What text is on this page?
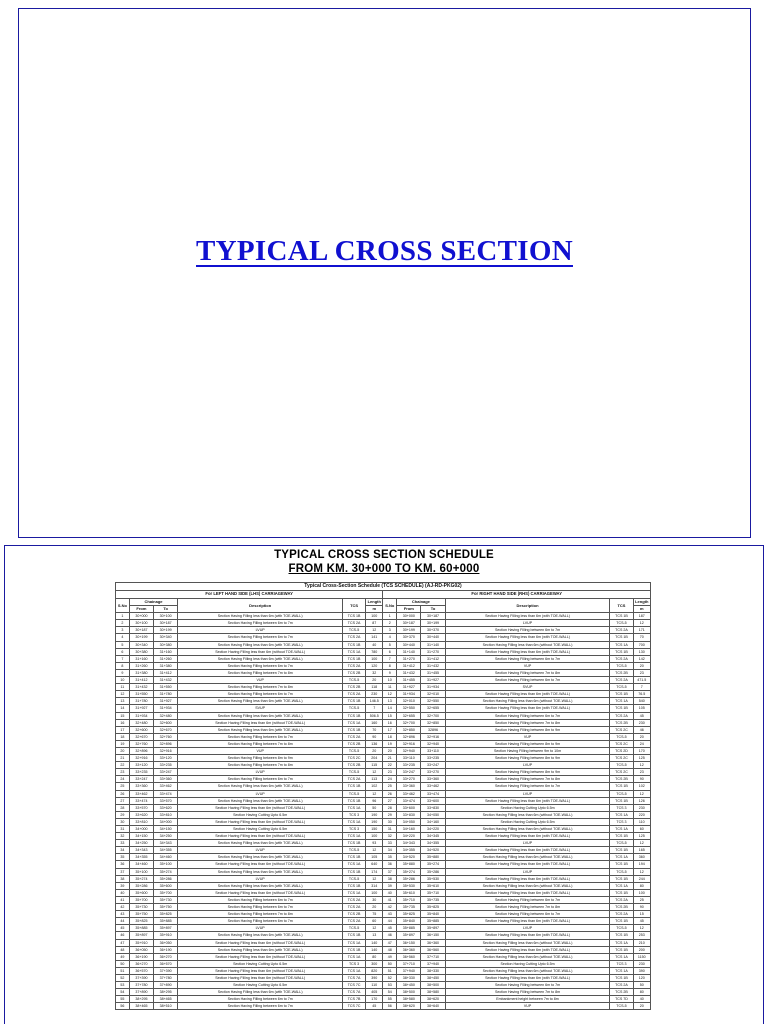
TYPICAL CROSS SECTION
TYPICAL CROSS SECTION SCHEDULE
FROM KM. 30+000 TO KM. 60+000
Typical Cross-Section Schedule (TCS SCHEDULE) (AJ-RD-PKG02)											
For LEFT HAND SIDE (LHS) CARRIAGEWAY						For RIGHT HAND SIDE (RHS) CARRIAGEWAY					
S.No	Chainage		Description	TCS	Length	S.No	Chainage		Description	TCS	Length
	From	To			m		From	To			m
1	30+000	30+100	Section Having Filling less than 6m (with TOE-WALL)	TCS 1B	100	1	30+000	30+187	Section Having Filling less than 6m (with TOE-WALL)	TCS 1B	187
2	30+100	30+187	Section Having Filling between 6m to 7m	TCS 2A	87	2	30+187	30+199	LVUP	TCS-5	12
3	30+187	30+199	LVUP	TCS-5	12	3	30+199	30+370	Section Having Filling between 6m to 7m	TCS 2A	171
4	30+199	30+340	Section Having Filling between 6m to 7m	TCS 2A	141	4	30+370	30+440	Section Having Filling less than 6m (with TOE-WALL)	TCS 1B	70
5	30+340	30+380	Section Having Filling less than 6m (with TOE-WALL)	TCS 1B	40	5	30+440	31+140	Section Having Filling less than 6m (without TOE-WALL)	TCS 1A	700
6	30+380	31+160	Section Having Filling less than 6m (without TOE-WALL)	TCS 1A	780	6	31+140	31+270	Section Having Filling less than 6m (with TOE-WALL)	TCS 1B	130
7	31+160	31+260	Section Having Filling less than 6m (with TOE-WALL)	TCS 1B	100	7	31+270	31+412	Section Having Filling between 6m to 7m	TCS 2A	142
8	31+260	31+380	Section Having Filling between 6m to 7m	TCS 2A	120	8	31+412	31+432	VUP	TCS-5	20
9	31+380	31+412	Section Having Filling between 7m to 8m	TCS 2B	32	9	31+432	31+455	Section Having Filling between 7m to 8m	TCS 2B	23
10	31+412	31+432	VUP	TCS-5	20	10	31+455	31+927	Section Having Filling between 6m to 7m	TCS 2A	471.5
11	31+432	31+550	Section Having Filling between 7m to 8m	TCS 2B	118	11	31+927	31+934	SVUP	TCS-5	7
12	31+550	31+780	Section Having Filling between 6m to 7m	TCS 2A	230	12	31+934	32+010	Section Having Filling less than 6m (with TOE-WALL)	TCS 1B	76.5
13	31+780	31+927	Section Having Filling less than 6m (with TOE-WALL)	TCS 1B	146.5	13	32+010	32+550	Section Having Filling less than 6m (without TOE-WALL)	TCS 1A	540
14	31+927	31+934	SVUP	TCS-5	7	14	32+550	32+655	Section Having Filling less than 6m (with TOE-WALL)	TCS 1B	105
15	31+934	32+480	Section Having Filling less than 6m (with TOE-WALL)	TCS 1B	506.5	15	32+655	32+700	Section Having Filling between 6m to 7m	TCS 2A	45
16	32+480	32+600	Section Having Filling less than 6m (without TOE-WALL)	TCS 1A	160	16	32+700	32+850	Section Having Filling between 7m to 8m	TCS 2B	230
17	32+600	32+670	Section Having Filling less than 6m (with TOE-WALL)	TCS 1B	70	17	32+850	32896	Section Having Filling between 8m to 9m	TCS 2C	46
18	32+670	32+760	Section Having Filling between 6m to 7m	TCS 2A	90	18	32+896	32+916	VUP	TCS-5	20
19	32+760	32+896	Section Having Filling between 7m to 8m	TCS 2B	136	19	32+916	32+940	Section Having Filling between 8m to 9m	TCS 2C	24
20	32+896	32+916	VUP	TCS-5	20	20	32+940	33+110	Section Having Filling between 9m to 10m	TCS 2D	170
21	32+916	33+120	Section Having Filling between 8m to 9m	TCS 2C	204	21	33+110	33+235	Section Having Filling between 8m to 9m	TCS 2C	125
22	33+120	33+235	Section Having Filling between 7m to 8m	TCS 2B	115	22	33+235	33+247	LVUP	TCS-5	12
23	33+235	33+247	LVUP	TCS-5	12	23	33+247	33+270	Section Having Filling between 8m to 9m	TCS 2C	23
24	33+247	33+360	Section Having Filling between 6m to 7m	TCS 2A	113	24	33+270	33+360	Section Having Filling between 7m to 8m	TCS 2B	90
25	33+360	33+462	Section Having Filling less than 6m (with TOE-WALL)	TCS 1B	102	25	33+360	33+462	Section Having Filling between 6m to 7m	TCS 1B	102
26	33+462	33+474	LVUP	TCS-5	12	26	33+462	33+474	LVUP	TCS-5	12
27	33+474	33+570	Section Having Filling less than 6m (with TOE-WALL)	TCS 1B	96	27	33+474	33+600	Section Having Filling less than 6m (with TOE-WALL)	TCS 1B	126
28	33+570	33+620	Section Having Filling less than 6m (without TOE-WALL)	TCS 1A	50	28	33+600	33+830	Section Having Cutting Upto 6.5m	TCS 3	230
29	33+620	33+810	Section Having Cutting Upto 6.5m	TCS 3	190	29	33+830	34+050	Section Having Filling less than 6m (without TOE-WALL)	TCS 1A	220
30	33+810	34+000	Section Having Filling less than 6m (without TOE-WALL)	TCS 1A	190	30	34+050	34+160	Section Having Cutting Upto 6.5m	TCS 3	110
31	34+000	34+150	Section Having Cutting Upto 6.5m	TCS 3	150	31	34+160	34+220	Section Having Filling less than 6m (without TOE-WALL)	TCS 1A	60
32	34+150	34+250	Section Having Filling less than 6m (without TOE-WALL)	TCS 1A	100	32	34+220	34+345	Section Having Filling less than 6m (with TOE-WALL)	TCS 1B	125
33	34+250	34+343	Section Having Filling less than 6m (with TOE-WALL)	TCS 1B	93	33	34+343	34+355	LVUP	TCS-5	12
34	34+343	34+355	LVUP	TCS-5	12	34	34+355	34+520	Section Having Filling less than 6m (with TOE-WALL)	TCS 1B	165
35	34+355	34+460	Section Having Filling less than 6m (with TOE-WALL)	TCS 1B	105	35	34+520	35+880	Section Having Filling less than 6m (without TOE-WALL)	TCS 1A	360
36	34+460	35+100	Section Having Filling less than 6m (without TOE-WALL)	TCS 1A	640	36	35+880	35+274	Section Having Filling less than 6m (with TOE-WALL)	TCS 1B	194
37	35+100	35+274	Section Having Filling less than 6m (with TOE-WALL)	TCS 1B	174	37	35+274	35+286	LVUP	TCS-5	12
38	35+274	35+286	LVUP	TCS-5	12	38	35+286	35+530	Section Having Filling less than 6m (with TOE-WALL)	TCS 1B	244
39	35+286	35+600	Section Having Filling less than 6m (with TOE-WALL)	TCS 1B	314	39	35+530	35+610	Section Having Filling less than 6m (without TOE-WALL)	TCS 1A	80
40	35+600	35+700	Section Having Filling less than 6m (without TOE-WALL)	TCS 1A	100	40	35+610	35+710	Section Having Filling less than 6m (with TOE-WALL)	TCS 1B	100
41	35+700	35+730	Section Having Filling between 6m to 7m	TCS 2A	30	41	35+710	35+735	Section Having Filling between 6m to 7m	TCS 2A	25
42	35+730	35+750	Section Having Filling between 6m to 7m	TCS 2A	20	42	35+735	35+825	Section Having Filling between 7m to 8m	TCS 2B	90
43	35+750	35+825	Section Having Filling between 7m to 8m	TCS 2B	75	43	35+825	35+840	Section Having Filling between 6m to 7m	TCS 2A	15
44	35+825	35+885	Section Having Filling between 6m to 7m	TCS 2A	60	44	35+840	35+885	Section Having Filling less than 6m (with TOE-WALL)	TCS 1B	45
45	35+885	35+897	LVUP	TCS-5	12	45	35+885	35+897	LVUP	TCS-5	12
46	35+897	35+910	Section Having Filling less than 6m (with TOE-WALL)	TCS 1B	13	46	35+897	36+150	Section Having Filling less than 6m (with TOE-WALL)	TCS 1B	253
47	35+910	36+050	Section Having Filling less than 6m (without TOE-WALL)	TCS 1A	140	47	36+150	36+360	Section Having Filling less than 6m (without TOE-WALL)	TCS 1A	210
48	36+050	36+190	Section Having Filling less than 6m (with TOE-WALL)	TCS 1B	140	48	36+360	36+560	Section Having Filling less than 6m (with TOE-WALL)	TCS 1B	200
49	36+190	36+270	Section Having Filling less than 6m (without TOE-WALL)	TCS 1A	80	49	36+560	37+710	Section Having Filling less than 6m (without TOE-WALL)	TCS 1A	1150
50	36+270	36+570	Section Having Cutting Upto 6.5m	TCS 3	300	50	37+710	37+940	Section Having Cutting Upto 6.5m	TCS 3	230
51	36+570	37+390	Section Having Filling less than 6m (without TOE-WALL)	TCS 1A	820	51	37+940	38+330	Section Having Filling less than 6m (without TOE-WALL)	TCS 1A	390
52	37+390	37+780	Section Having Filling less than 6m (without TOE-WALL)	TCS 7A	390	52	38+330	38+450	Section Having Filling less than 6m (with TOE-WALL)	TCS 1B	120
53	37+780	37+890	Section Having Cutting Upto 6.5m	TCS 7C	110	53	38+450	38+500	Section Having Filling between 6m to 7m	TCS 2A	50
54	37+890	38+295	Section Having Filling less than 6m (with TOE-WALL)	TCS 7A	405	54	38+500	38+580	Section Having Filling between 7m to 8m	TCS 2B	80
55	38+295	38+465	Section Having Filling between 6m to 7m	TCS 7B	170	55	38+580	38+620	Embankment height between 7m to 8m	TCS 7D	40
56	38+465	38+510	Section Having Filling between 6m to 7m	TCS 7C	45	56	38+620	38+640	VUP	TCS-5	20
